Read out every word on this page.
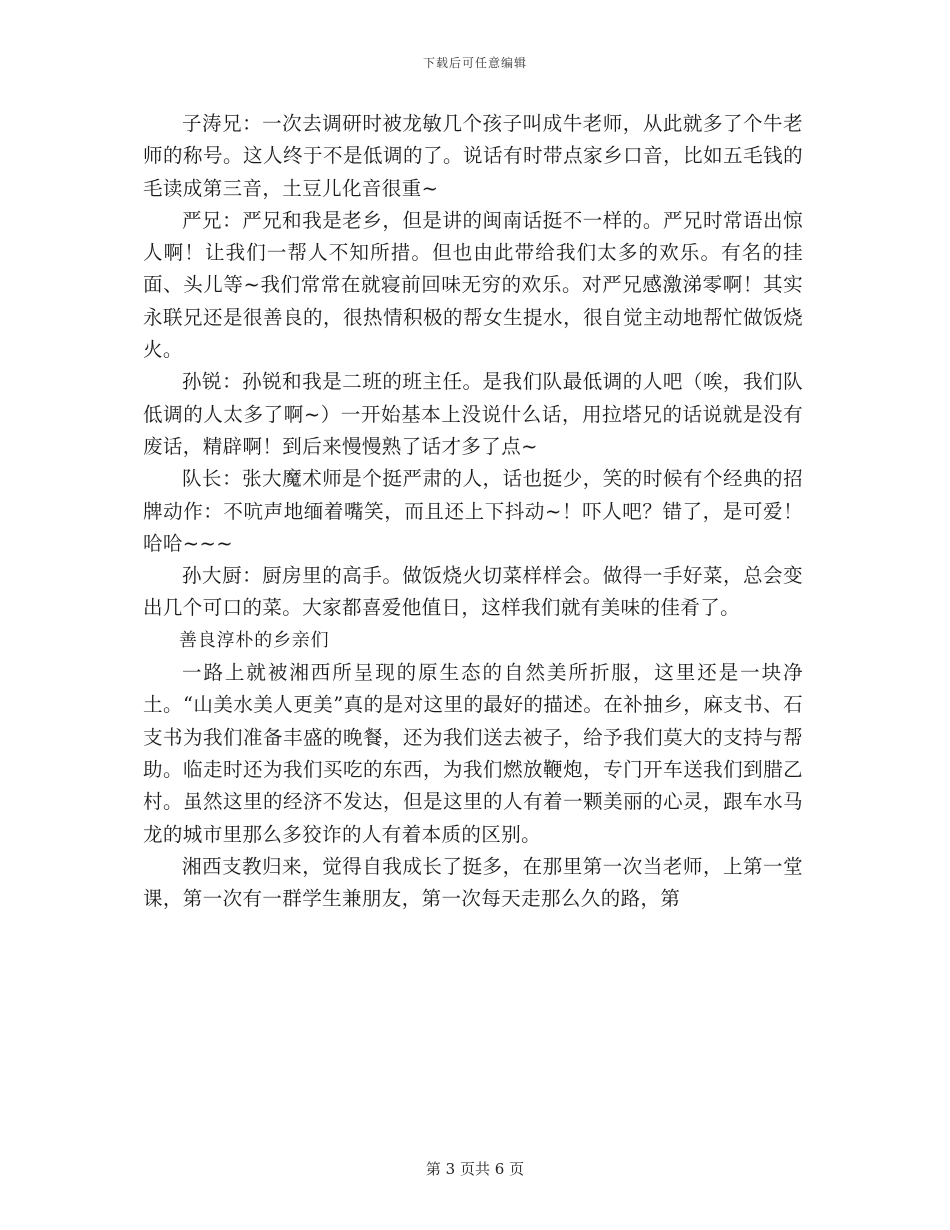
下载后可任意编辑

子涛兄：一次去调研时被龙敏几个孩子叫成牛老师，从此就多了个牛老师的称号。这人终于不是低调的了。说话有时带点家乡口音，比如五毛钱的毛读成第三音，土豆儿化音很重~

严兄：严兄和我是老乡，但是讲的闽南话挺不一样的。严兄时常语出惊人啊！让我们一帮人不知所措。但也由此带给我们太多的欢乐。有名的挂面、头儿等~我们常常在就寝前回味无穷的欢乐。对严兄感激涕零啊！其实永联兄还是很善良的，很热情积极的帮女生提水，很自觉主动地帮忙做饭烧火。

孙锐：孙锐和我是二班的班主任。是我们队最低调的人吧（唉，我们队低调的人太多了啊~）一开始基本上没说什么话，用拉塔兄的话说就是没有废话，精辟啊！到后来慢慢熟了话才多了点~

队长：张大魔术师是个挺严肃的人，话也挺少，笑的时候有个经典的招牌动作：不吭声地缅着嘴笑，而且还上下抖动~！吓人吧？错了，是可爱！哈哈~~~

孙大厨：厨房里的高手。做饭烧火切菜样样会。做得一手好菜，总会变出几个可口的菜。大家都喜爱他值日，这样我们就有美味的佳肴了。

善良淳朴的乡亲们

一路上就被湘西所呈现的原生态的自然美所折服，这里还是一块净土。“山美水美人更美”真的是对这里的最好的描述。在补抽乡，麻支书、石支书为我们准备丰盛的晚餐，还为我们送去被子，给予我们莫大的支持与帮助。临走时还为我们买吃的东西，为我们燃放鞭炮，专门开车送我们到腊乙村。虽然这里的经济不发达，但是这里的人有着一颗美丽的心灵，跟车水马龙的城市里那么多狡诈的人有着本质的区别。

湘西支教归来，觉得自我成长了挺多，在那里第一次当老师，上第一堂课，第一次有一群学生兼朋友，第一次每天走那么久的路，第

第 3 页共 6 页
